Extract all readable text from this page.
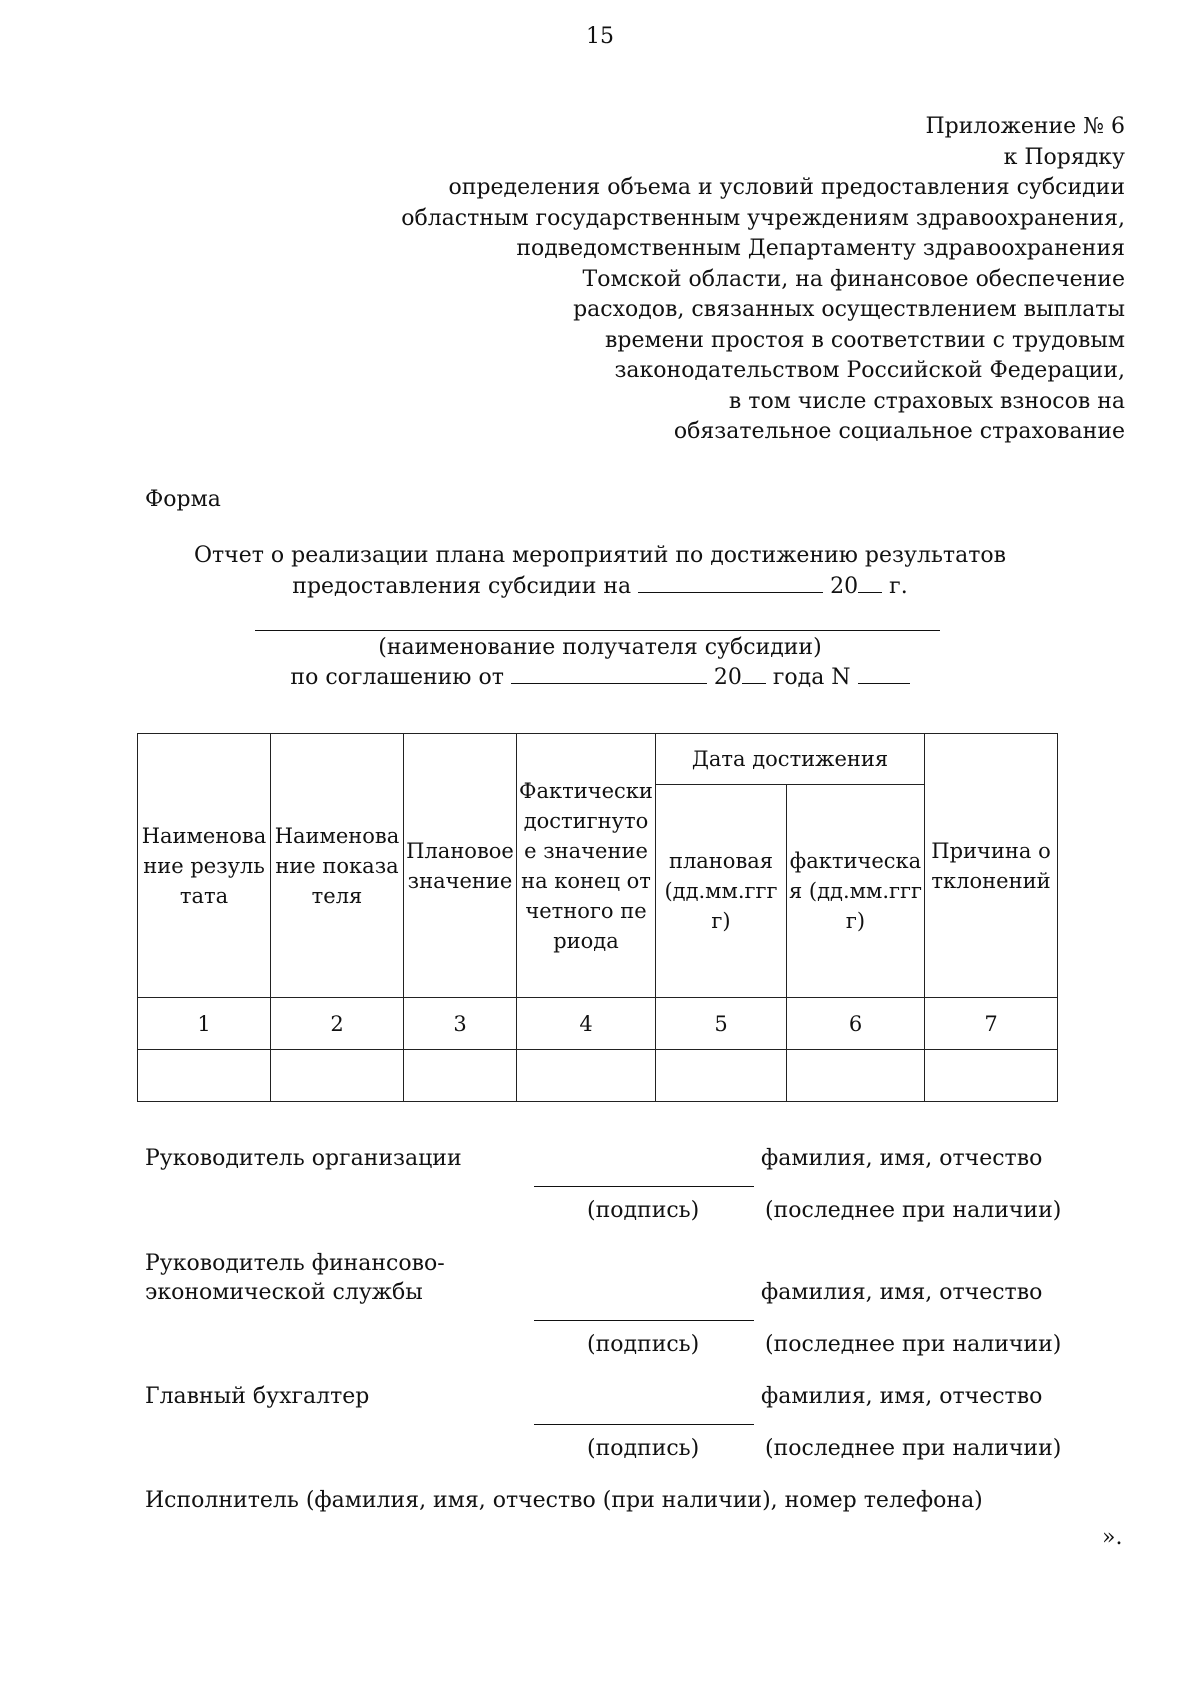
15
Приложение № 6
к Порядку
определения объема и условий предоставления субсидии
областным государственным учреждениям здравоохранения,
подведомственным Департаменту здравоохранения
Томской области, на финансовое обеспечение
расходов, связанных осуществлением выплаты
времени простоя в соответствии с трудовым
законодательством Российской Федерации,
в том числе страховых взносов на
обязательное социальное страхование
Форма
Отчет о реализации плана мероприятий по достижению результатов
предоставления субсидии на	20 г.
(наименование получателя субсидии)
по соглашению от	20 года N
Наименование результата	Наименование показателя	Плановое значение	Фактически достигнутое значение на конец отчетного периода	Дата достижения		Причина отклонений
				плановая (дд.мм.гггг)	фактическая (дд.мм.гггг)	
1	2	3	4	5	6	7

Руководитель организации	фамилия, имя, отчество
(подпись)	(последнее при наличии)
Руководитель финансово-
экономической службы	фамилия, имя, отчество
(подпись)	(последнее при наличии)
Главный бухгалтер	фамилия, имя, отчество
(подпись)	(последнее при наличии)
Исполнитель (фамилия, имя, отчество (при наличии), номер телефона)
».
